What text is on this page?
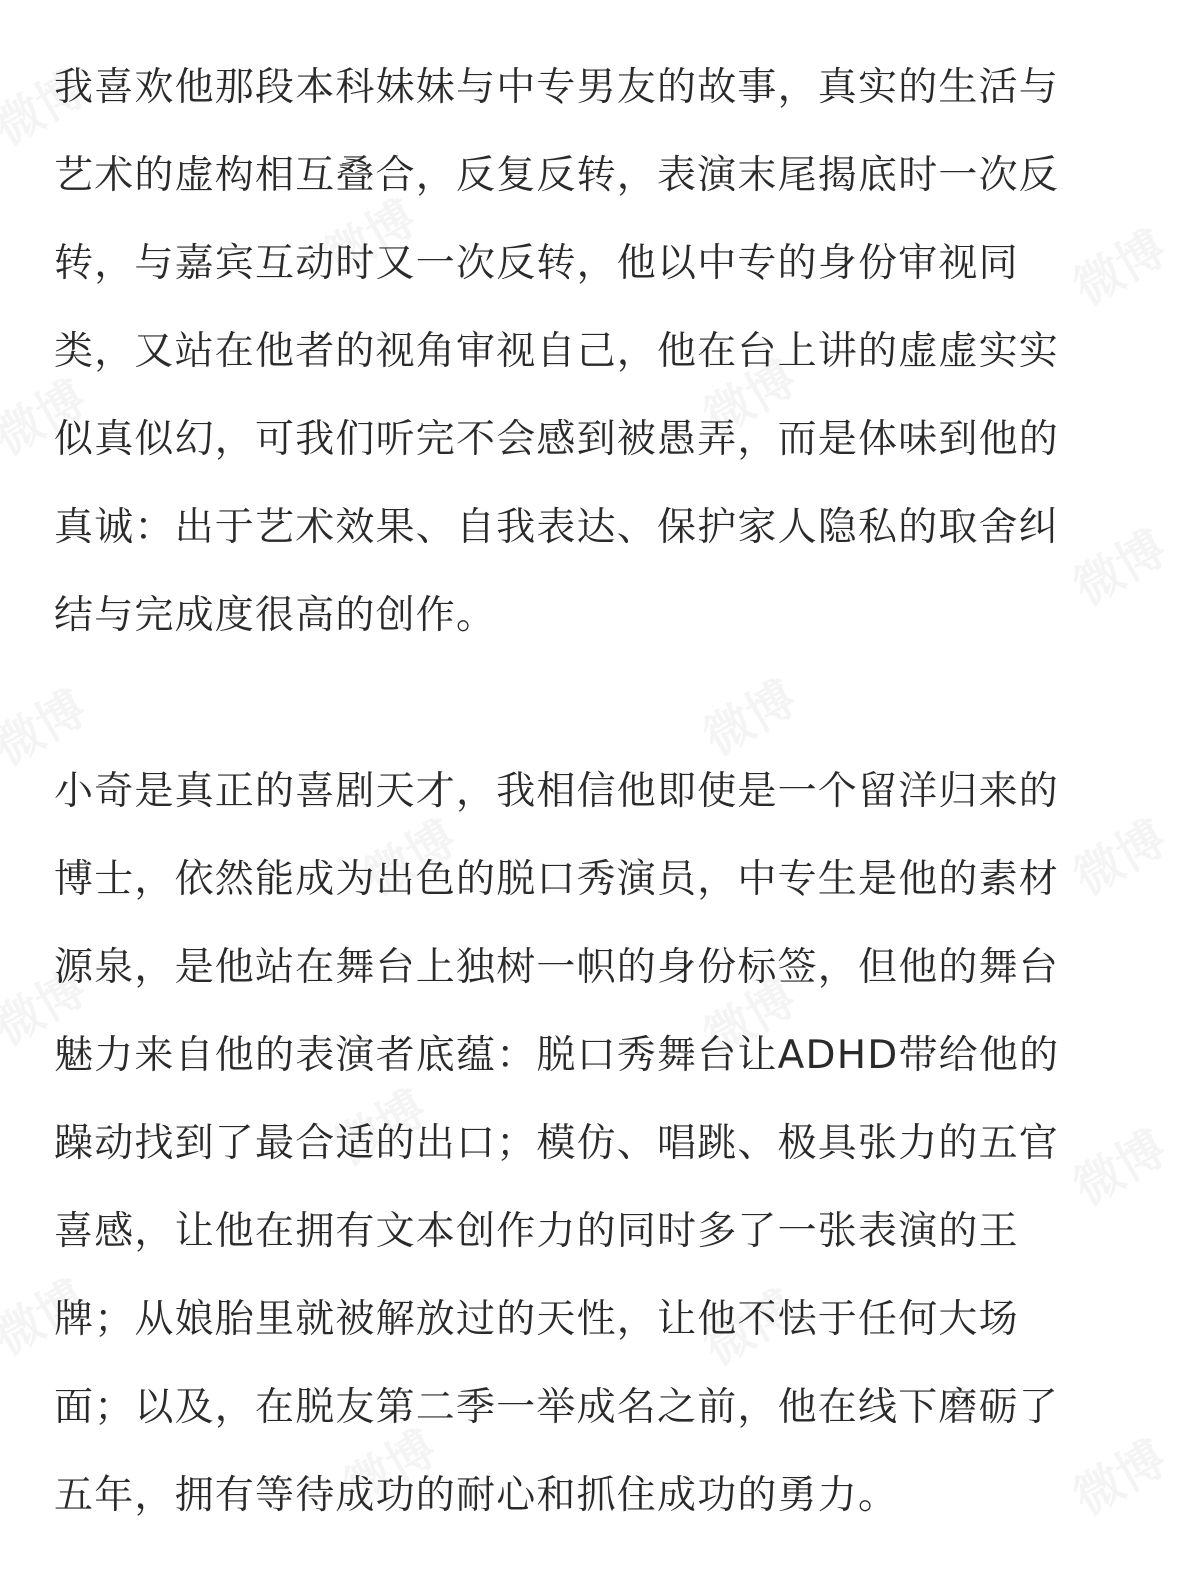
我喜欢他那段本科妹妹与中专男友的故事，真实的生活与
艺术的虚构相互叠合，反复反转，表演末尾揭底时一次反
转，与嘉宾互动时又一次反转，他以中专的身份审视同
类，又站在他者的视角审视自己，他在台上讲的虚虚实实
似真似幻，可我们听完不会感到被愚弄，而是体味到他的
真诚：出于艺术效果、自我表达、保护家人隐私的取舍纠
结与完成度很高的创作。

小奇是真正的喜剧天才，我相信他即使是一个留洋归来的
博士，依然能成为出色的脱口秀演员，中专生是他的素材
源泉，是他站在舞台上独树一帜的身份标签，但他的舞台
魅力来自他的表演者底蕴：脱口秀舞台让ADHD带给他的
躁动找到了最合适的出口；模仿、唱跳、极具张力的五官
喜感，让他在拥有文本创作力的同时多了一张表演的王
牌；从娘胎里就被解放过的天性，让他不怯于任何大场
面；以及，在脱友第二季一举成名之前，他在线下磨砺了
五年，拥有等待成功的耐心和抓住成功的勇力。
